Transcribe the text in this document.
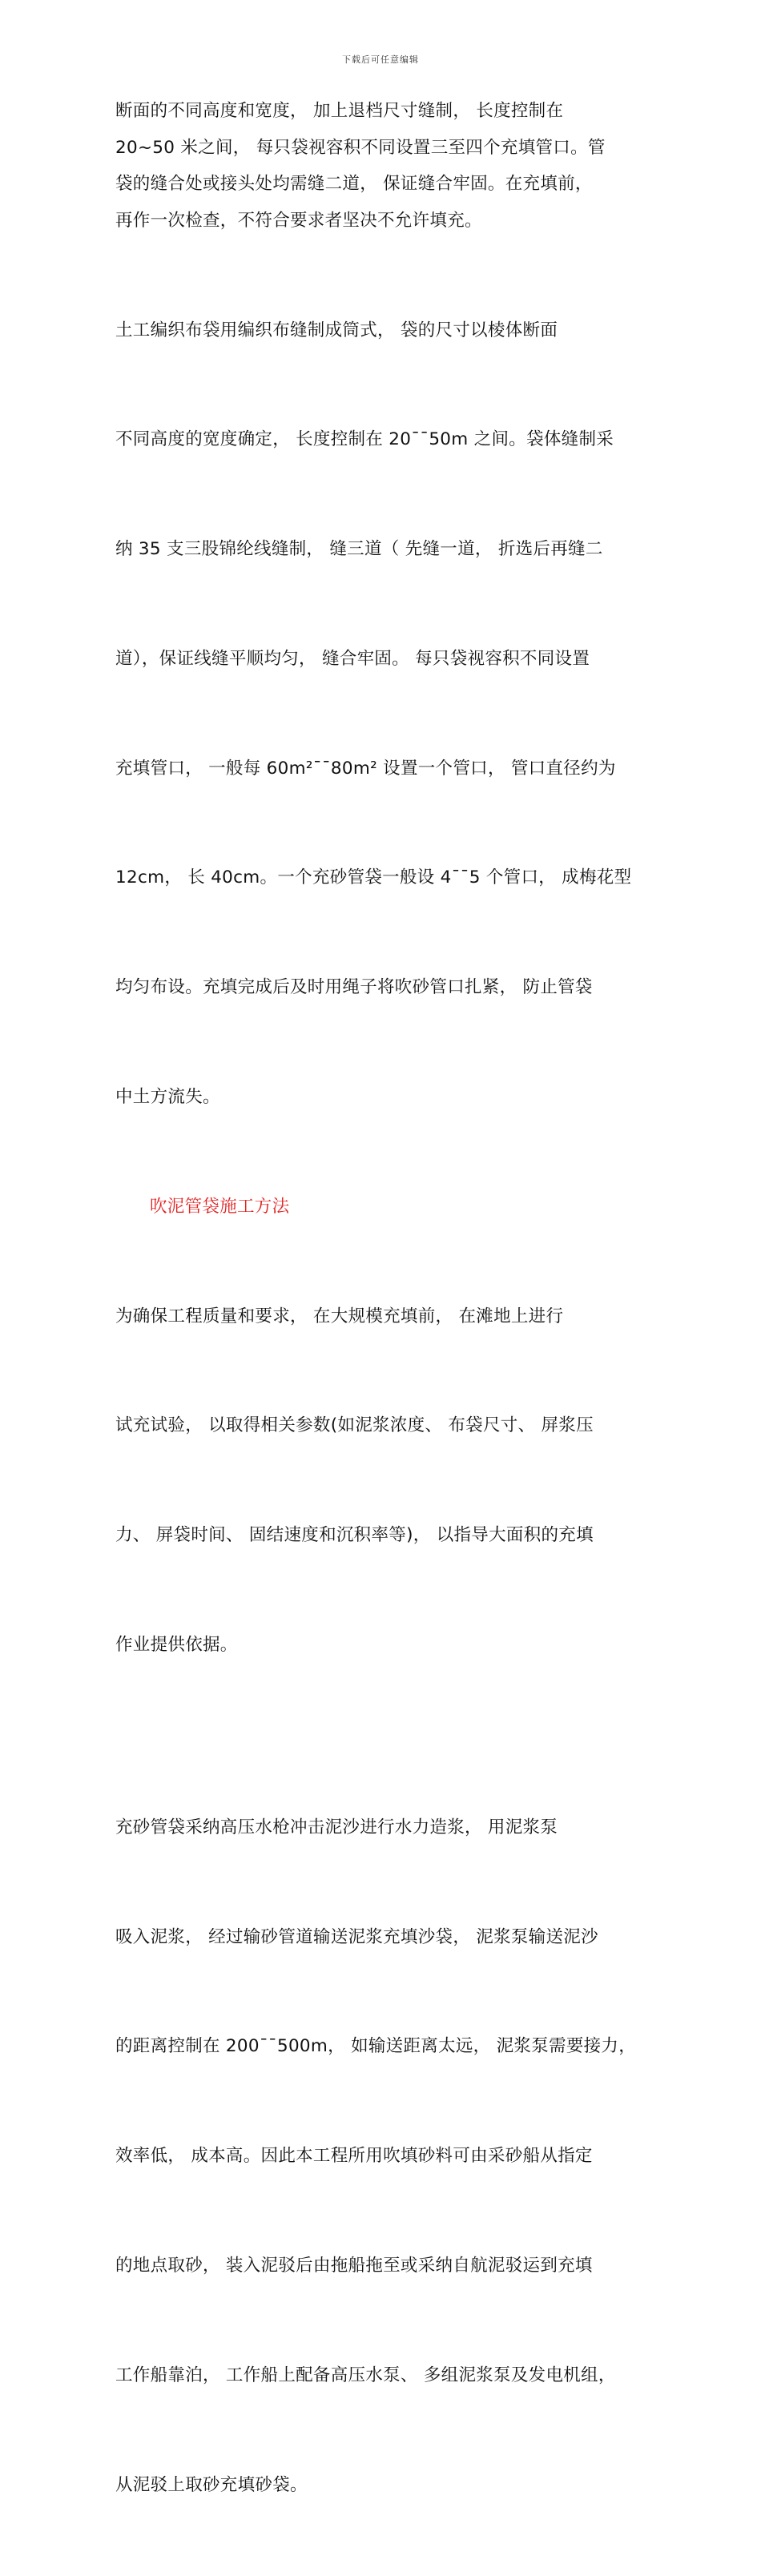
下载后可任意编辑

断面的不同高度和宽度， 加上退档尺寸缝制， 长度控制在
20~50 米之间， 每只袋视容积不同设置三至四个充填管口。管
袋的缝合处或接头处均需缝二道， 保证缝合牢固。在充填前，
再作一次检查，不符合要求者坚决不允许填充。

土工编织布袋用编织布缝制成筒式， 袋的尺寸以棱体断面

不同高度的宽度确定， 长度控制在 20¯¯50m 之间。袋体缝制采

纳 35 支三股锦纶线缝制， 缝三道（ 先缝一道， 折选后再缝二

道），保证线缝平顺均匀， 缝合牢固。 每只袋视容积不同设置

充填管口， 一般每 60m²¯¯80m² 设置一个管口， 管口直径约为

12cm， 长 40cm。一个充砂管袋一般设 4¯¯5 个管口， 成梅花型

均匀布设。充填完成后及时用绳子将吹砂管口扎紧， 防止管袋

中土方流失。

吹泥管袋施工方法

为确保工程质量和要求， 在大规模充填前， 在滩地上进行

试充试验， 以取得相关参数(如泥浆浓度、 布袋尺寸、 屏浆压

力、 屏袋时间、 固结速度和沉积率等)， 以指导大面积的充填

作业提供依据。

充砂管袋采纳高压水枪冲击泥沙进行水力造浆， 用泥浆泵

吸入泥浆， 经过输砂管道输送泥浆充填沙袋， 泥浆泵输送泥沙

的距离控制在 200¯¯500m， 如输送距离太远， 泥浆泵需要接力，

效率低， 成本高。因此本工程所用吹填砂料可由采砂船从指定

的地点取砂， 装入泥驳后由拖船拖至或采纳自航泥驳运到充填

工作船靠泊， 工作船上配备高压水泵、 多组泥浆泵及发电机组，

从泥驳上取砂充填砂袋。
